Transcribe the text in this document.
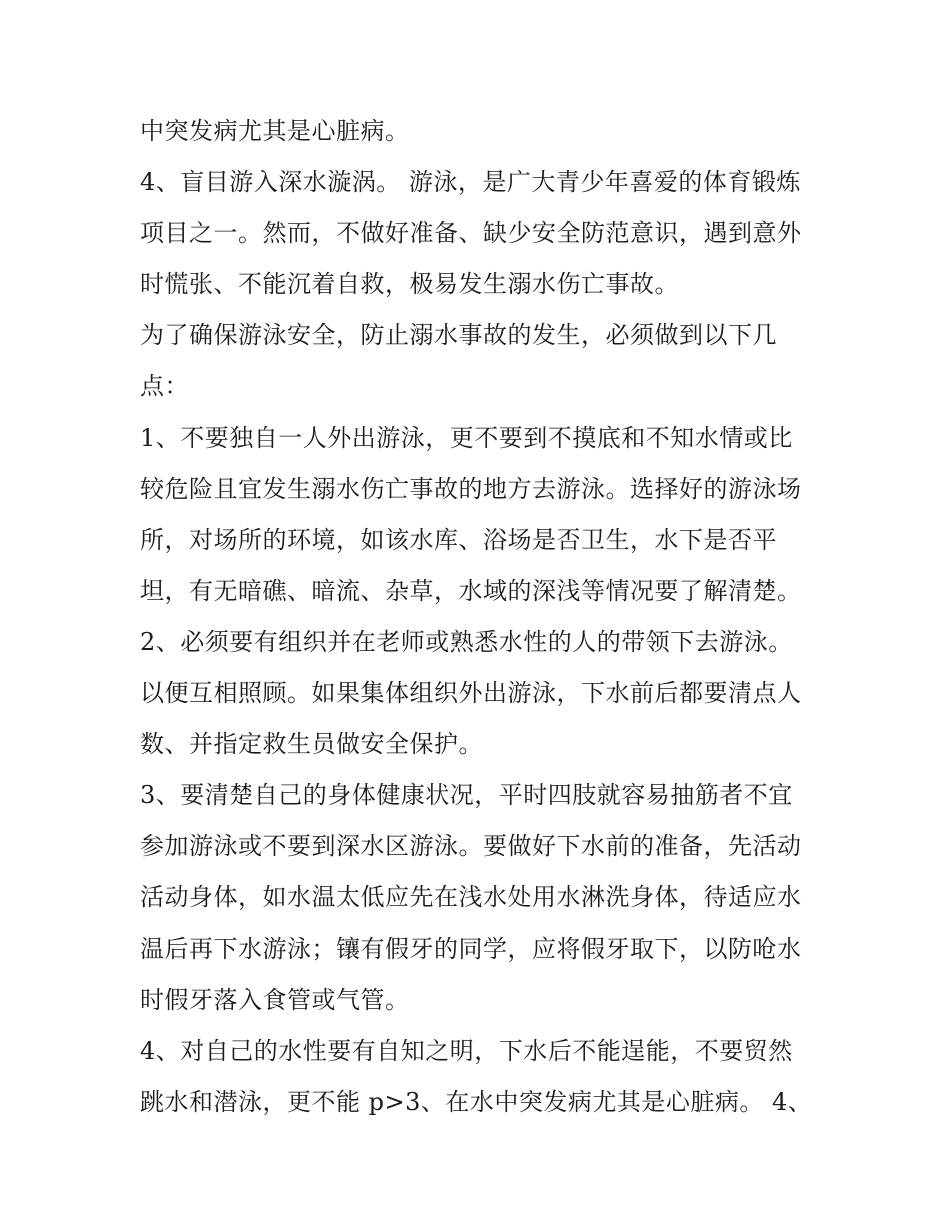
中突发病尤其是心脏病。
4、盲目游入深水漩涡。 游泳，是广大青少年喜爱的体育锻炼
项目之一。然而，不做好准备、缺少安全防范意识，遇到意外
时慌张、不能沉着自救，极易发生溺水伤亡事故。
为了确保游泳安全，防止溺水事故的发生，必须做到以下几
点：
1、不要独自一人外出游泳，更不要到不摸底和不知水情或比
较危险且宜发生溺水伤亡事故的地方去游泳。选择好的游泳场
所，对场所的环境，如该水库、浴场是否卫生，水下是否平
坦，有无暗礁、暗流、杂草，水域的深浅等情况要了解清楚。
2、必须要有组织并在老师或熟悉水性的人的带领下去游泳。
以便互相照顾。如果集体组织外出游泳，下水前后都要清点人
数、并指定救生员做安全保护。
3、要清楚自己的身体健康状况，平时四肢就容易抽筋者不宜
参加游泳或不要到深水区游泳。要做好下水前的准备，先活动
活动身体，如水温太低应先在浅水处用水淋洗身体，待适应水
温后再下水游泳；镶有假牙的同学，应将假牙取下，以防呛水
时假牙落入食管或气管。
4、对自己的水性要有自知之明，下水后不能逞能，不要贸然
跳水和潜泳，更不能 p>3、在水中突发病尤其是心脏病。 4、
